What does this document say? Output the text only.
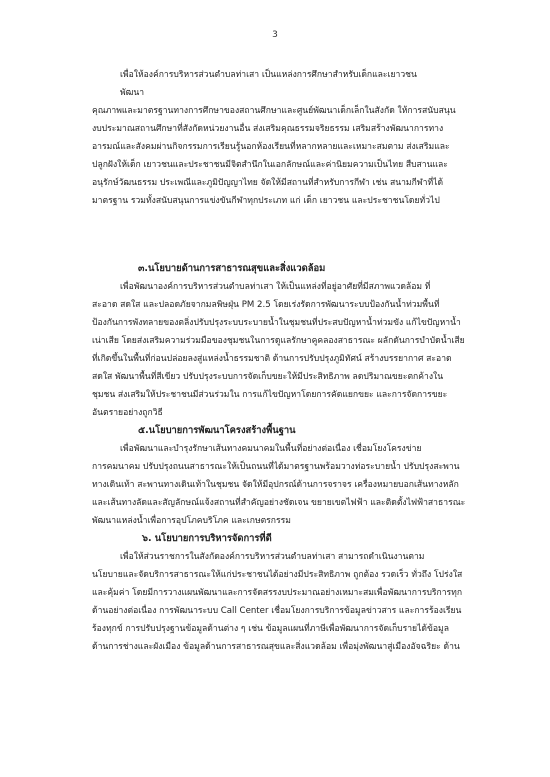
3
เพื่อให้องค์การบริหารส่วนตำบลท่าเสา เป็นแหล่งการศึกษาสำหรับเด็กและเยาวชน
พัฒนา
คุณภาพและมาตรฐานทางการศึกษาของสถานศึกษาและศูนย์พัฒนาเด็กเล็กในสังกัด ให้การสนับสนุน
งบประมาณสถานศึกษาที่สังกัดหน่วยงานอื่น ส่งเสริมคุณธรรมจริยธรรม เสริมสร้างพัฒนาการทาง
อารมณ์และสังคมผ่านกิจกรรมการเรียนรู้นอกห้องเรียนที่หลากหลายและเหมาะสมตาม ส่งเสริมและ
ปลูกฝังให้เด็ก เยาวชนและประชาชนมีจิตสำนึกในเอกลักษณ์และค่านิยมความเป็นไทย สืบสานและ
อนุรักษ์วัฒนธรรม ประเพณีและภูมิปัญญาไทย จัดให้มีสถานที่สำหรับการกีฬา เช่น สนามกีฬาที่ได้
มาตรฐาน รวมทั้งสนับสนุนการแข่งขันกีฬาทุกประเภท แก่ เด็ก เยาวชน และประชาชนโดยทั่วไป
๓.นโยบายด้านการสาธารณสุขและสิ่งแวดล้อม
เพื่อพัฒนาองค์การบริหารส่วนตำบลท่าเสา ให้เป็นแหล่งที่อยู่อาศัยที่มีสภาพแวดล้อม ที่
สะอาด สดใส และปลอดภัยจากมลพิษฝุ่น PM 2.5 โดยเร่งรัดการพัฒนาระบบป้องกันน้ำท่วมพื้นที่
ป้องกันการพังทลายของตลิ่งปรับปรุงระบบระบายน้ำในชุมชนที่ประสบปัญหาน้ำท่วมขัง แก้ไขปัญหาน้ำ
เน่าเสีย โดยส่งเสริมความร่วมมือของชุมชนในการดูแลรักษาคูคลองสาธารณะ ผลักดันการบำบัดน้ำเสีย
ที่เกิดขึ้นในพื้นที่ก่อนปล่อยลงสู่แหล่งน้ำธรรมชาติ ด้านการปรับปรุงภูมิทัศน์ สร้างบรรยากาศ สะอาด
สดใส พัฒนาพื้นที่สีเขียว ปรับปรุงระบบการจัดเก็บขยะให้มีประสิทธิภาพ ลดปริมาณขยะตกค้างใน
ชุมชน ส่งเสริมให้ประชาชนมีส่วนร่วมใน การแก้ไขปัญหาโดยการคัดแยกขยะ และการจัดการขยะ
อันตรายอย่างถูกวิธี
๕.นโยบายการพัฒนาโครงสร้างพื้นฐาน
เพื่อพัฒนาและบำรุงรักษาเส้นทางคมนาคมในพื้นที่อย่างต่อเนื่อง เชื่อมโยงโครงข่าย
การคมนาคม ปรับปรุงถนนสาธารณะให้เป็นถนนที่ได้มาตรฐานพร้อมวางท่อระบายน้ำ ปรับปรุงสะพาน
ทางเดินเท้า สะพานทางเดินเท้าในชุมชน จัดให้มีอุปกรณ์ด้านการจราจร เครื่องหมายบอกเส้นทางหลัก
และเส้นทางลัดและสัญลักษณ์แจ้งสถานที่สำคัญอย่างชัดเจน ขยายเขตไฟฟ้า และติดตั้งไฟฟ้าสาธารณะ
พัฒนาแหล่งน้ำเพื่อการอุปโภคบริโภค และเกษตรกรรม
๖. นโยบายการบริหารจัดการที่ดี
เพื่อให้ส่วนราชการในสังกัดองค์การบริหารส่วนตำบลท่าเสา สามารถดำเนินงานตาม
นโยบายและจัดบริการสาธารณะให้แก่ประชาชนได้อย่างมีประสิทธิภาพ ถูกต้อง รวดเร็ว ทั่วถึง โปร่งใส
และคุ้มค่า โดยมีการวางแผนพัฒนาและการจัดสรรงบประมาณอย่างเหมาะสมเพื่อพัฒนาการบริการทุก
ด้านอย่างต่อเนื่อง การพัฒนาระบบ Call Center เชื่อมโยงการบริการข้อมูลข่าวสาร และการร้องเรียน
ร้องทุกข์ การปรับปรุงฐานข้อมูลด้านต่าง ๆ เช่น ข้อมูลแผนที่ภาษีเพื่อพัฒนาการจัดเก็บรายได้ข้อมูล
ด้านการช่างและผังเมือง ข้อมูลด้านการสาธารณสุขและสิ่งแวดล้อม เพื่อมุ่งพัฒนาสู่เมืองอัจฉริยะ ด้าน
